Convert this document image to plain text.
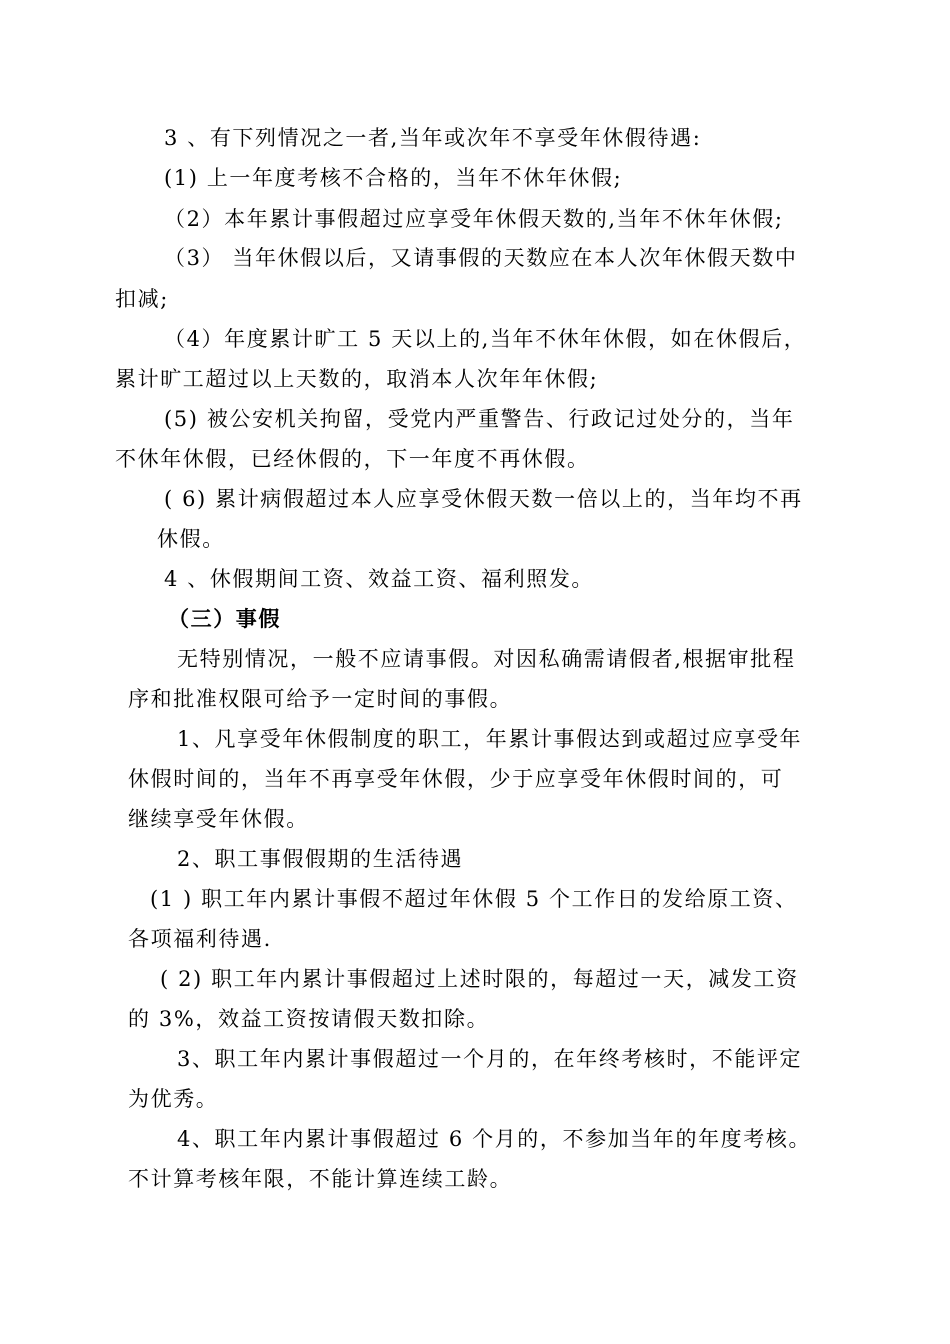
3 、有下列情况之一者,当年或次年不享受年休假待遇:
(1) 上一年度考核不合格的，当年不休年休假;
（2）本年累计事假超过应享受年休假天数的,当年不休年休假;
（3） 当年休假以后，又请事假的天数应在本人次年休假天数中
扣减;
（4）年度累计旷工 5 天以上的,当年不休年休假，如在休假后，
累计旷工超过以上天数的，取消本人次年年休假;
(5) 被公安机关拘留，受党内严重警告、行政记过处分的，当年
不休年休假，已经休假的，下一年度不再休假。
( 6) 累计病假超过本人应享受休假天数一倍以上的，当年均不再
休假。
4 、休假期间工资、效益工资、福利照发。
（三）事假
无特别情况，一般不应请事假。对因私确需请假者,根据审批程
序和批准权限可给予一定时间的事假。
1、凡享受年休假制度的职工，年累计事假达到或超过应享受年
休假时间的，当年不再享受年休假，少于应享受年休假时间的，可
继续享受年休假。
2、职工事假假期的生活待遇
(1 ) 职工年内累计事假不超过年休假 5 个工作日的发给原工资、
各项福利待遇.
( 2) 职工年内累计事假超过上述时限的，每超过一天，减发工资
的 3%，效益工资按请假天数扣除。
3、职工年内累计事假超过一个月的，在年终考核时，不能评定
为优秀。
4、职工年内累计事假超过 6 个月的，不参加当年的年度考核。
不计算考核年限，不能计算连续工龄。
